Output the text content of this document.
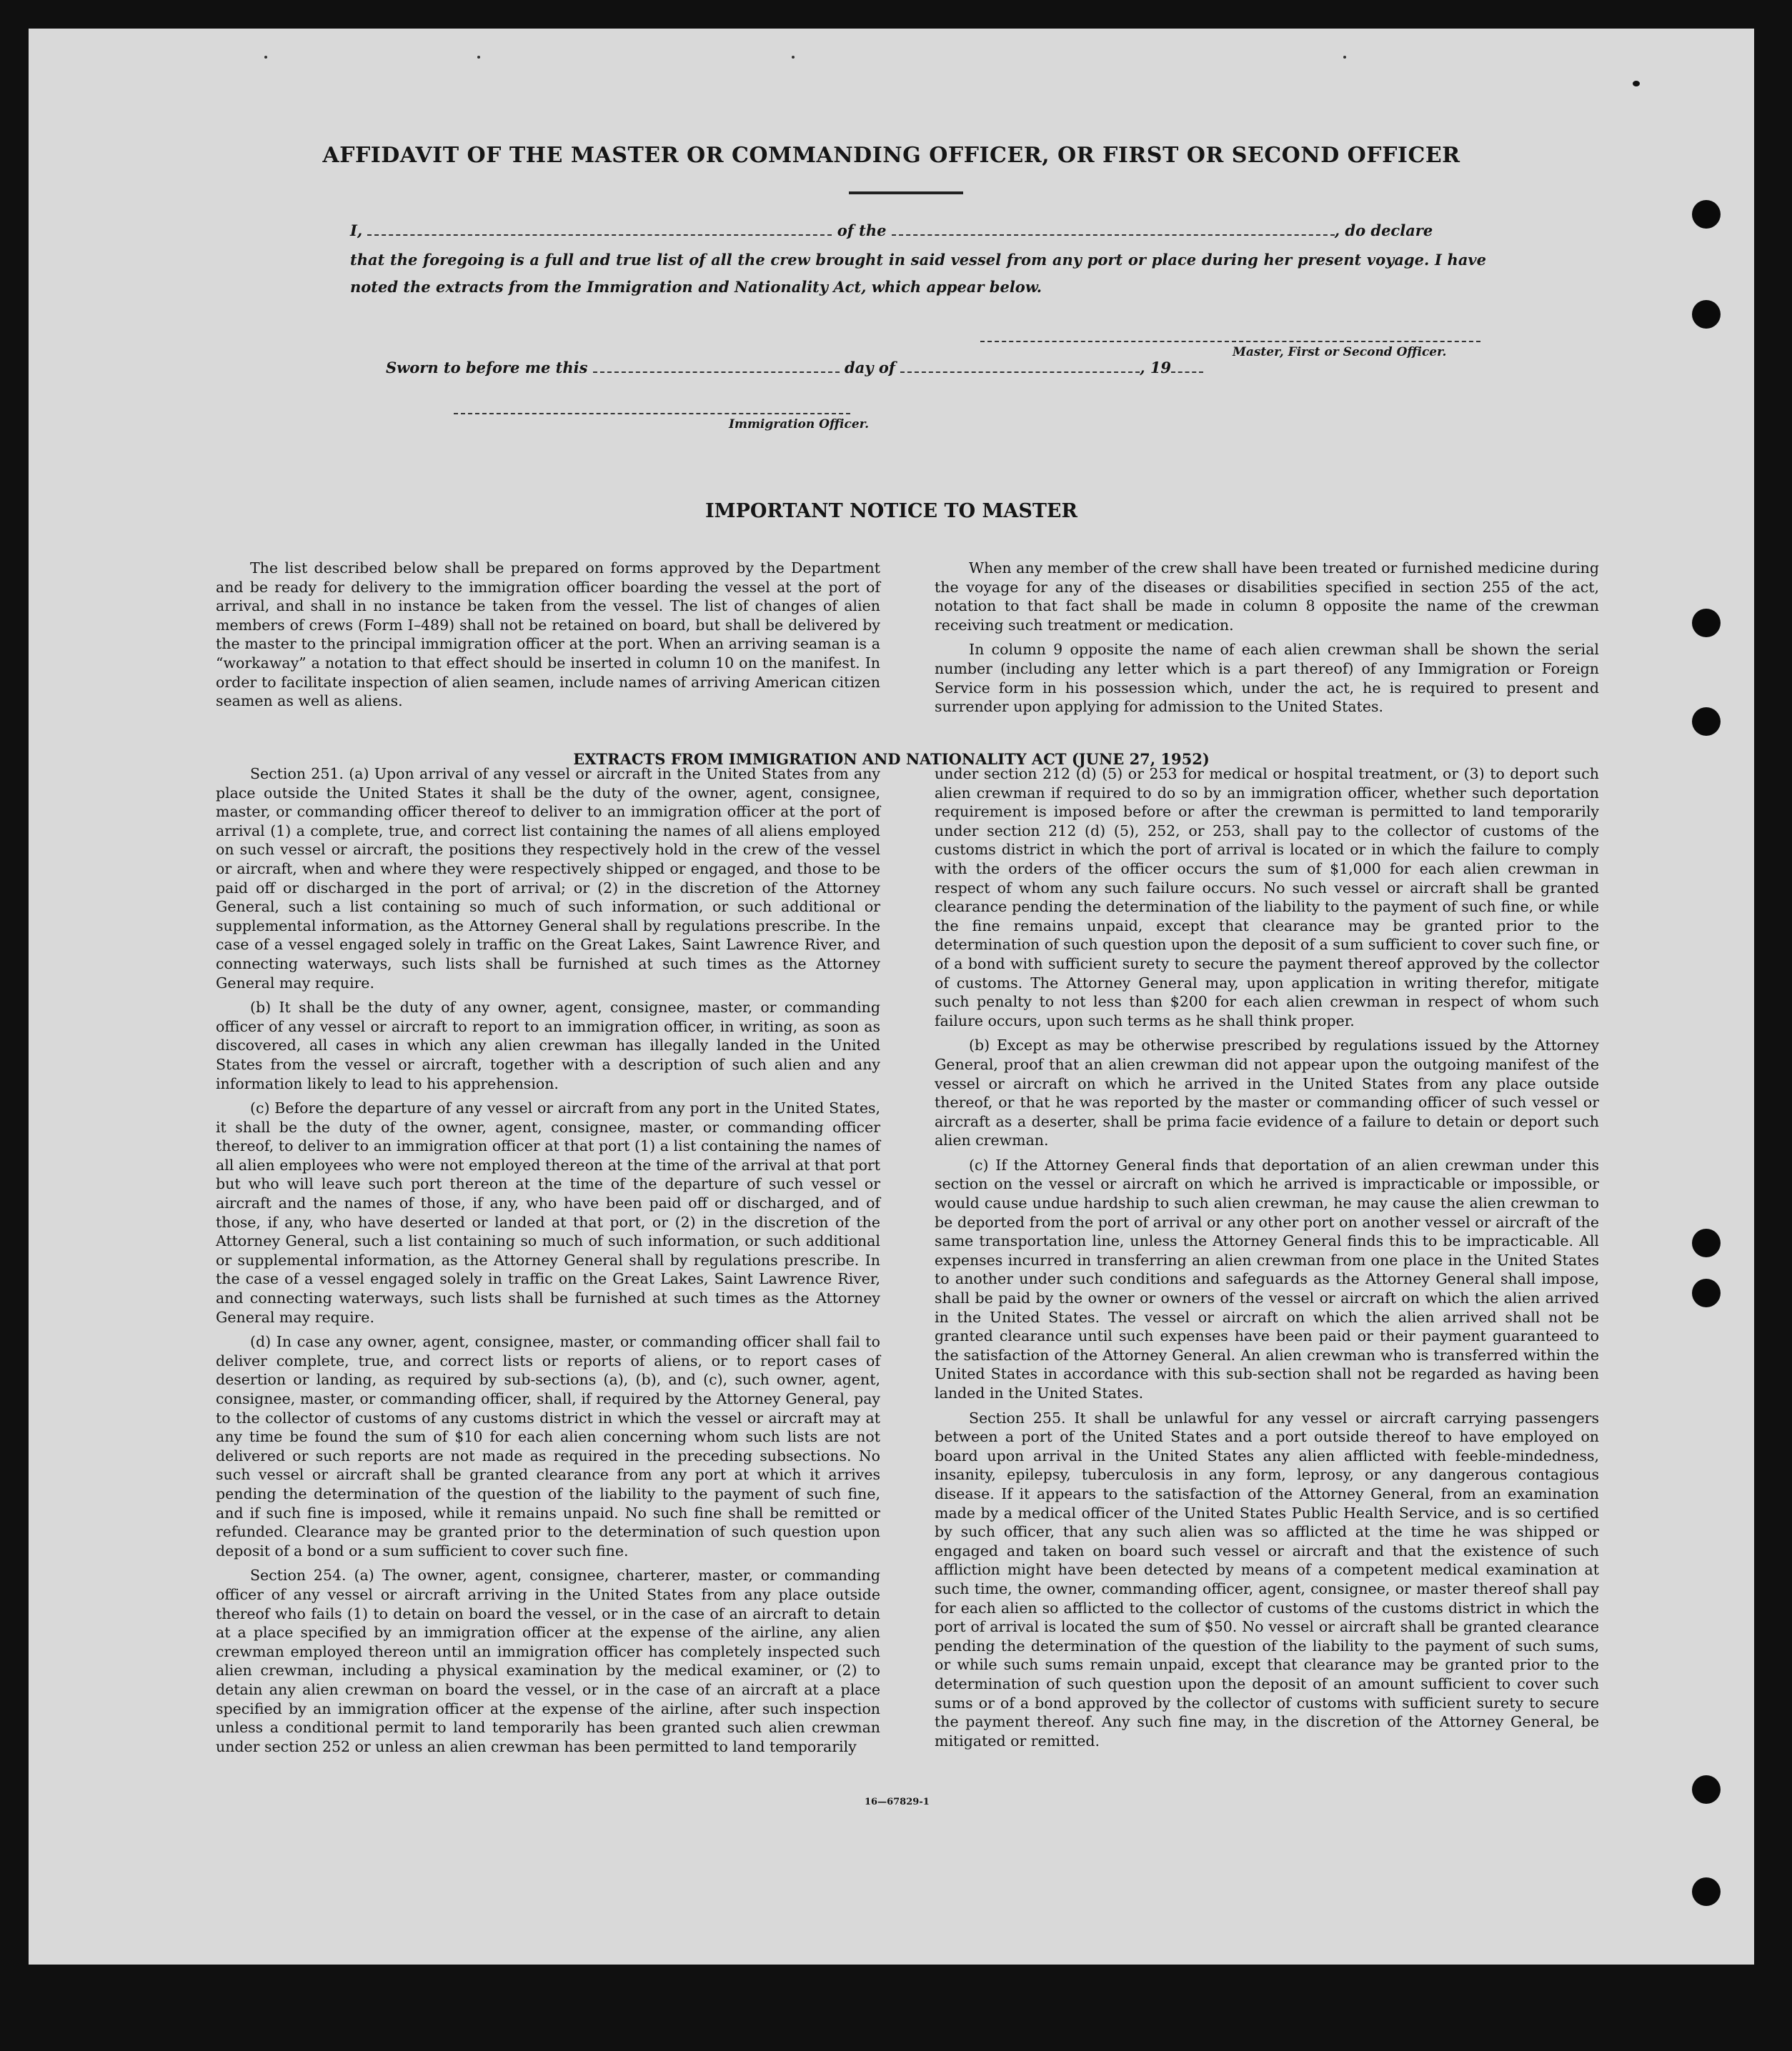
AFFIDAVIT OF THE MASTER OR COMMANDING OFFICER, OR FIRST OR SECOND OFFICER
I,	of the	, do declare
that the foregoing is a full and true list of all the crew brought in said vessel from any port or place during her present voyage. I have noted the extracts from the Immigration and Nationality Act, which appear below.
Master, First or Second Officer.
Sworn to before me this	day of	, 19
Immigration Officer.
IMPORTANT NOTICE TO MASTER

The list described below shall be prepared on forms approved by the Department and be ready for delivery to the immigration officer boarding the vessel at the port of arrival, and shall in no instance be taken from the vessel. The list of changes of alien members of crews (Form I–489) shall not be retained on board, but shall be delivered by the master to the principal immigration officer at the port. When an arriving seaman is a “workaway” a notation to that effect should be inserted in column 10 on the manifest. In order to facilitate inspection of alien seamen, include names of arriving American citizen seamen as well as aliens.

When any member of the crew shall have been treated or furnished medicine during the voyage for any of the diseases or disabilities specified in section 255 of the act, notation to that fact shall be made in column 8 opposite the name of the crewman receiving such treatment or medication.

In column 9 opposite the name of each alien crewman shall be shown the serial number (including any letter which is a part thereof) of any Immigration or Foreign Service form in his possession which, under the act, he is required to present and surrender upon applying for admission to the United States.

EXTRACTS FROM IMMIGRATION AND NATIONALITY ACT (JUNE 27, 1952)

Section 251. (a) Upon arrival of any vessel or aircraft in the United States from any place outside the United States it shall be the duty of the owner, agent, consignee, master, or commanding officer thereof to deliver to an immigration officer at the port of arrival (1) a complete, true, and correct list containing the names of all aliens employed on such vessel or aircraft, the positions they respectively hold in the crew of the vessel or aircraft, when and where they were respectively shipped or engaged, and those to be paid off or discharged in the port of arrival; or (2) in the discretion of the Attorney General, such a list containing so much of such information, or such additional or supplemental information, as the Attorney General shall by regulations prescribe. In the case of a vessel engaged solely in traffic on the Great Lakes, Saint Lawrence River, and connecting waterways, such lists shall be furnished at such times as the Attorney General may require.

(b) It shall be the duty of any owner, agent, consignee, master, or commanding officer of any vessel or aircraft to report to an immigration officer, in writing, as soon as discovered, all cases in which any alien crewman has illegally landed in the United States from the vessel or aircraft, together with a description of such alien and any information likely to lead to his apprehension.

(c) Before the departure of any vessel or aircraft from any port in the United States, it shall be the duty of the owner, agent, consignee, master, or commanding officer thereof, to deliver to an immigration officer at that port (1) a list containing the names of all alien employees who were not employed thereon at the time of the arrival at that port but who will leave such port thereon at the time of the departure of such vessel or aircraft and the names of those, if any, who have been paid off or discharged, and of those, if any, who have deserted or landed at that port, or (2) in the discretion of the Attorney General, such a list containing so much of such information, or such additional or supplemental information, as the Attorney General shall by regulations prescribe. In the case of a vessel engaged solely in traffic on the Great Lakes, Saint Lawrence River, and connecting waterways, such lists shall be furnished at such times as the Attorney General may require.

(d) In case any owner, agent, consignee, master, or commanding officer shall fail to deliver complete, true, and correct lists or reports of aliens, or to report cases of desertion or landing, as required by sub-sections (a), (b), and (c), such owner, agent, consignee, master, or commanding officer, shall, if required by the Attorney General, pay to the collector of customs of any customs district in which the vessel or aircraft may at any time be found the sum of $10 for each alien concerning whom such lists are not delivered or such reports are not made as required in the preceding subsections. No such vessel or aircraft shall be granted clearance from any port at which it arrives pending the determination of the question of the liability to the payment of such fine, and if such fine is imposed, while it remains unpaid. No such fine shall be remitted or refunded. Clearance may be granted prior to the determination of such question upon deposit of a bond or a sum sufficient to cover such fine.

Section 254. (a) The owner, agent, consignee, charterer, master, or commanding officer of any vessel or aircraft arriving in the United States from any place outside thereof who fails (1) to detain on board the vessel, or in the case of an aircraft to detain at a place specified by an immigration officer at the expense of the airline, any alien crewman employed thereon until an immigration officer has completely inspected such alien crewman, including a physical examination by the medical examiner, or (2) to detain any alien crewman on board the vessel, or in the case of an aircraft at a place specified by an immigration officer at the expense of the airline, after such inspection unless a conditional permit to land temporarily has been granted such alien crewman under section 252 or unless an alien crewman has been permitted to land temporarily

under section 212 (d) (5) or 253 for medical or hospital treatment, or (3) to deport such alien crewman if required to do so by an immigration officer, whether such deportation requirement is imposed before or after the crewman is permitted to land temporarily under section 212 (d) (5), 252, or 253, shall pay to the collector of customs of the customs district in which the port of arrival is located or in which the failure to comply with the orders of the officer occurs the sum of $1,000 for each alien crewman in respect of whom any such failure occurs. No such vessel or aircraft shall be granted clearance pending the determination of the liability to the payment of such fine, or while the fine remains unpaid, except that clearance may be granted prior to the determination of such question upon the deposit of a sum sufficient to cover such fine, or of a bond with sufficient surety to secure the payment thereof approved by the collector of customs. The Attorney General may, upon application in writing therefor, mitigate such penalty to not less than $200 for each alien crewman in respect of whom such failure occurs, upon such terms as he shall think proper.

(b) Except as may be otherwise prescribed by regulations issued by the Attorney General, proof that an alien crewman did not appear upon the outgoing manifest of the vessel or aircraft on which he arrived in the United States from any place outside thereof, or that he was reported by the master or commanding officer of such vessel or aircraft as a deserter, shall be prima facie evidence of a failure to detain or deport such alien crewman.

(c) If the Attorney General finds that deportation of an alien crewman under this section on the vessel or aircraft on which he arrived is impracticable or impossible, or would cause undue hardship to such alien crewman, he may cause the alien crewman to be deported from the port of arrival or any other port on another vessel or aircraft of the same transportation line, unless the Attorney General finds this to be impracticable. All expenses incurred in transferring an alien crewman from one place in the United States to another under such conditions and safeguards as the Attorney General shall impose, shall be paid by the owner or owners of the vessel or aircraft on which the alien arrived in the United States. The vessel or aircraft on which the alien arrived shall not be granted clearance until such expenses have been paid or their payment guaranteed to the satisfaction of the Attorney General. An alien crewman who is transferred within the United States in accordance with this sub-section shall not be regarded as having been landed in the United States.

Section 255. It shall be unlawful for any vessel or aircraft carrying passengers between a port of the United States and a port outside thereof to have employed on board upon arrival in the United States any alien afflicted with feeble-mindedness, insanity, epilepsy, tuberculosis in any form, leprosy, or any dangerous contagious disease. If it appears to the satisfaction of the Attorney General, from an examination made by a medical officer of the United States Public Health Service, and is so certified by such officer, that any such alien was so afflicted at the time he was shipped or engaged and taken on board such vessel or aircraft and that the existence of such affliction might have been detected by means of a competent medical examination at such time, the owner, commanding officer, agent, consignee, or master thereof shall pay for each alien so afflicted to the collector of customs of the customs district in which the port of arrival is located the sum of $50. No vessel or aircraft shall be granted clearance pending the determination of the question of the liability to the payment of such sums, or while such sums remain unpaid, except that clearance may be granted prior to the determination of such question upon the deposit of an amount sufficient to cover such sums or of a bond approved by the collector of customs with sufficient surety to secure the payment thereof. Any such fine may, in the discretion of the Attorney General, be mitigated or remitted.

16—67829-1
